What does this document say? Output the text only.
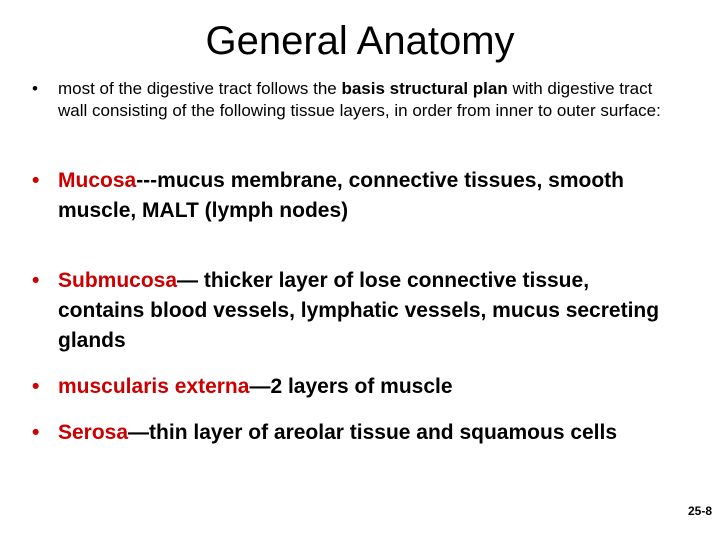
General Anatomy
• most of the digestive tract follows the basis structural plan with digestive tract wall consisting of the following tissue layers, in order from inner to outer surface:
• Mucosa---mucus membrane, connective tissues, smooth muscle, MALT (lymph nodes)
• Submucosa— thicker layer of lose connective tissue, contains blood vessels, lymphatic vessels, mucus secreting glands
• muscularis externa—2 layers of muscle
• Serosa—thin layer of areolar tissue and squamous cells
25-8
